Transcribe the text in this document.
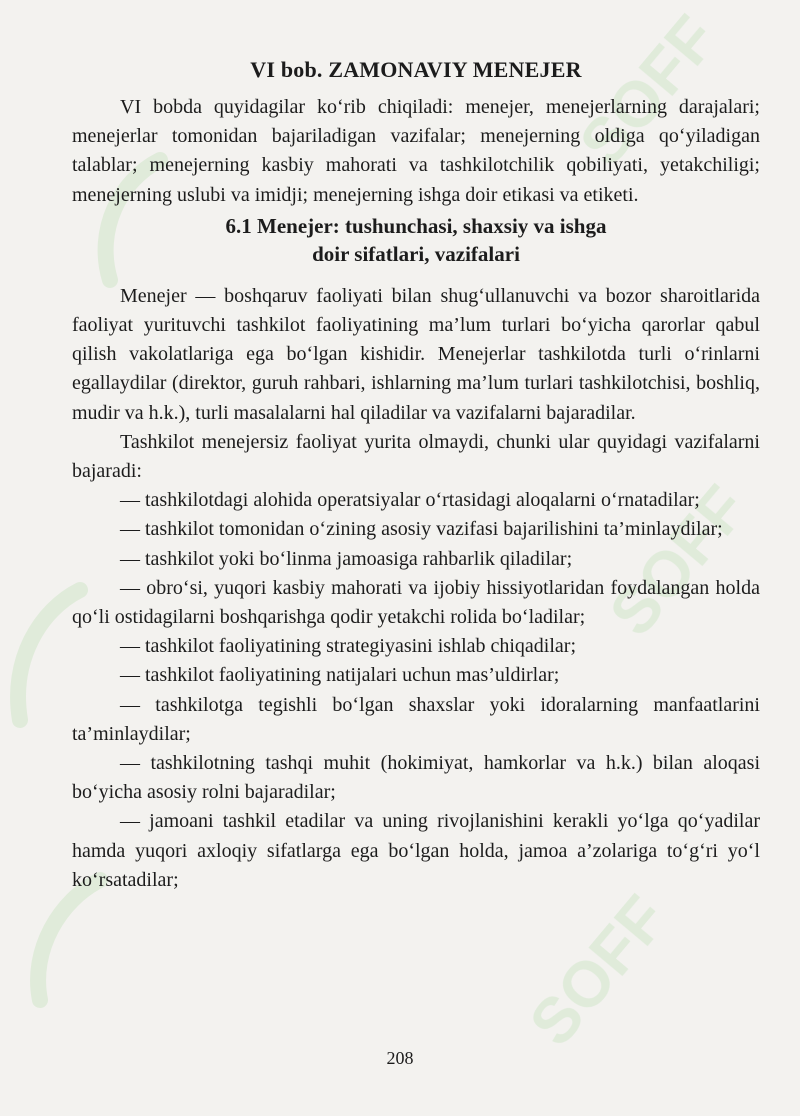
SOFF
SOFF
SOFF
VI bob. ZAMONAVIY MENEJER

VI bobda quyidagilar ko‘rib chiqiladi: menejer, menejerlarning darajalari; menejerlar tomonidan bajariladigan vazifalar; menejerning oldiga qo‘yiladigan talablar; menejerning kasbiy mahorati va tashkilotchilik qobiliyati, yetakchiligi; menejerning uslubi va imidji; menejerning ishga doir etikasi va etiketi.

6.1 Menejer: tushunchasi, shaxsiy va ishga
doir sifatlari, vazifalari

Menejer — boshqaruv faoliyati bilan shug‘ullanuvchi va bozor sharoitlarida faoliyat yurituvchi tashkilot faoliyatining ma’lum turlari bo‘yicha qarorlar qabul qilish vakolatlariga ega bo‘lgan kishidir. Menejerlar tashkilotda turli o‘rinlarni egallaydilar (direktor, guruh rahbari, ishlarning ma’lum turlari tashkilotchisi, boshliq, mudir va h.k.), turli masalalarni hal qiladilar va vazifalarni bajaradilar.

Tashkilot menejersiz faoliyat yurita olmaydi, chunki ular quyidagi vazifalarni bajaradi:

— tashkilotdagi alohida operatsiyalar o‘rtasidagi aloqalarni o‘rnatadilar;

— tashkilot tomonidan o‘zining asosiy vazifasi bajarilishini ta’minlaydilar;

— tashkilot yoki bo‘linma jamoasiga rahbarlik qiladilar;

— obro‘si, yuqori kasbiy mahorati va ijobiy hissiyotlaridan foydalangan holda qo‘li ostidagilarni boshqarishga qodir yetakchi rolida bo‘ladilar;

— tashkilot faoliyatining strategiyasini ishlab chiqadilar;

— tashkilot faoliyatining natijalari uchun mas’uldirlar;

— tashkilotga tegishli bo‘lgan shaxslar yoki idoralarning manfaatlarini ta’minlaydilar;

— tashkilotning tashqi muhit (hokimiyat, hamkorlar va h.k.) bilan aloqasi bo‘yicha asosiy rolni bajaradilar;

— jamoani tashkil etadilar va uning rivojlanishini kerakli yo‘lga qo‘yadilar hamda yuqori axloqiy sifatlarga ega bo‘lgan holda, jamoa a’zolariga to‘g‘ri yo‘l ko‘rsatadilar;

208
